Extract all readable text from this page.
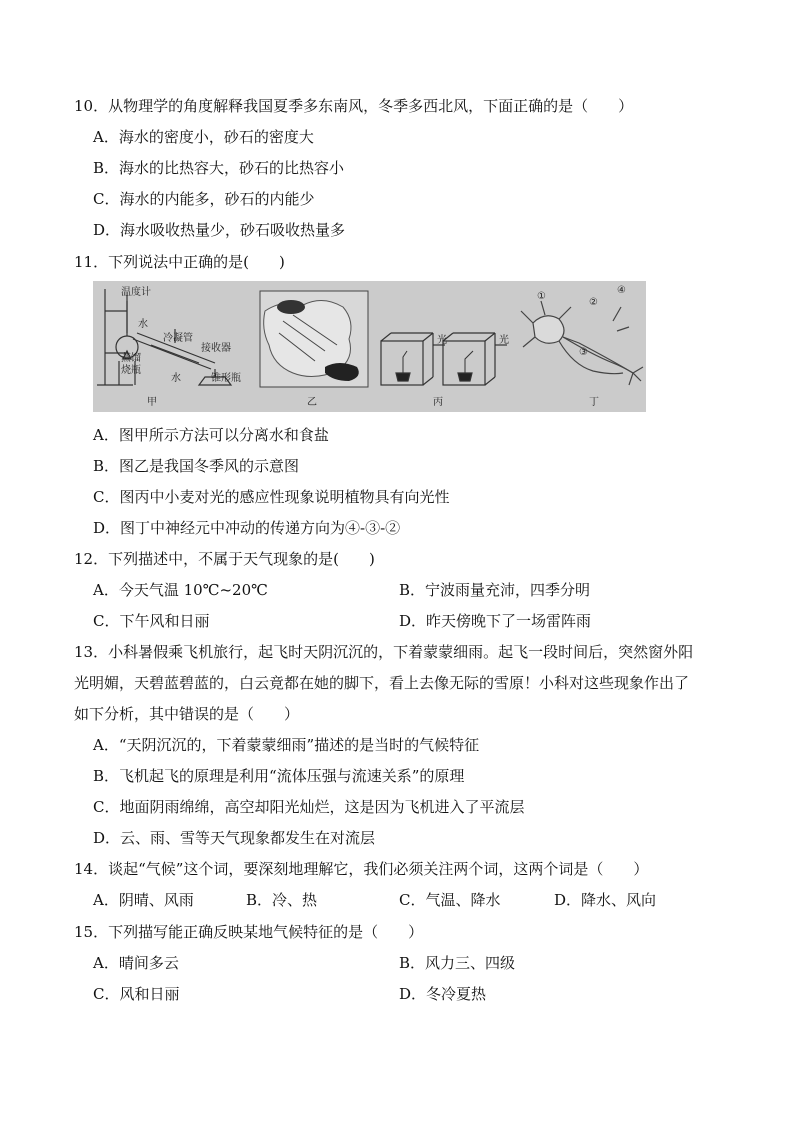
10．从物理学的角度解释我国夏季多东南风，冬季多西北风，下面正确的是（　　）
A．海水的密度小，砂石的密度大
B．海水的比热容大，砂石的比热容小
C．海水的内能多，砂石的内能少
D．海水吸收热量少，砂石吸收热量多
11．下列说法中正确的是(　　)
温度计
水
冷凝管
接收器
蒸馏
烧瓶
水	锥形瓶
甲	乙
光	光
丙
①
②
③
④
丁
A．图甲所示方法可以分离水和食盐
B．图乙是我国冬季风的示意图
C．图丙中小麦对光的感应性现象说明植物具有向光性
D．图丁中神经元中冲动的传递方向为④-③-②
12．下列描述中，不属于天气现象的是(　　)
A．今天气温 10℃~20℃	B．宁波雨量充沛，四季分明
C．下午风和日丽	D．昨天傍晚下了一场雷阵雨
13．小科暑假乘飞机旅行，起飞时天阴沉沉的，下着蒙蒙细雨。起飞一段时间后，突然窗外阳
光明媚，天碧蓝碧蓝的，白云竟都在她的脚下，看上去像无际的雪原！小科对这些现象作出了
如下分析，其中错误的是（　　）
A．“天阴沉沉的，下着蒙蒙细雨”描述的是当时的气候特征
B．飞机起飞的原理是利用“流体压强与流速关系”的原理
C．地面阴雨绵绵，高空却阳光灿烂，这是因为飞机进入了平流层
D．云、雨、雪等天气现象都发生在对流层
14．谈起“气候”这个词，要深刻地理解它，我们必须关注两个词，这两个词是（　　）
A．阴晴、风雨	B．冷、热	C．气温、降水	D．降水、风向
15．下列描写能正确反映某地气候特征的是（　　）
A．晴间多云	B．风力三、四级
C．风和日丽	D．冬冷夏热
